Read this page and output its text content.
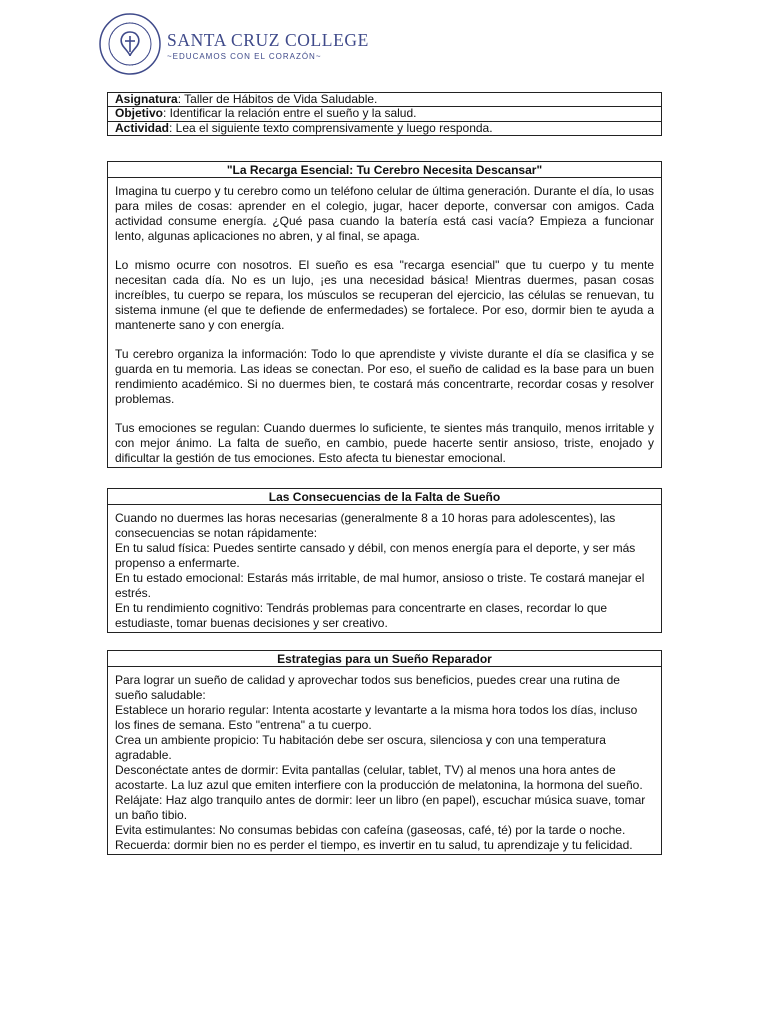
SANTA CRUZ COLLEGE
~EDUCAMOS CON EL CORAZÓN~
Asignatura: Taller de Hábitos de Vida Saludable.
Objetivo: Identificar la relación entre el sueño y la salud.
Actividad: Lea el siguiente texto comprensivamente y luego responda.
"La Recarga Esencial: Tu Cerebro Necesita Descansar"

Imagina tu cuerpo y tu cerebro como un teléfono celular de última generación. Durante el día, lo usas para miles de cosas: aprender en el colegio, jugar, hacer deporte, conversar con amigos. Cada actividad consume energía. ¿Qué pasa cuando la batería está casi vacía? Empieza a funcionar lento, algunas aplicaciones no abren, y al final, se apaga.

Lo mismo ocurre con nosotros. El sueño es esa "recarga esencial" que tu cuerpo y tu mente necesitan cada día. No es un lujo, ¡es una necesidad básica! Mientras duermes, pasan cosas increíbles, tu cuerpo se repara, los músculos se recuperan del ejercicio, las células se renuevan, tu sistema inmune (el que te defiende de enfermedades) se fortalece. Por eso, dormir bien te ayuda a mantenerte sano y con energía.

Tu cerebro organiza la información: Todo lo que aprendiste y viviste durante el día se clasifica y se guarda en tu memoria. Las ideas se conectan. Por eso, el sueño de calidad es la base para un buen rendimiento académico. Si no duermes bien, te costará más concentrarte, recordar cosas y resolver problemas.

Tus emociones se regulan: Cuando duermes lo suficiente, te sientes más tranquilo, menos irritable y con mejor ánimo. La falta de sueño, en cambio, puede hacerte sentir ansioso, triste, enojado y dificultar la gestión de tus emociones. Esto afecta tu bienestar emocional.

Las Consecuencias de la Falta de Sueño

Cuando no duermes las horas necesarias (generalmente 8 a 10 horas para adolescentes), las consecuencias se notan rápidamente:

En tu salud física: Puedes sentirte cansado y débil, con menos energía para el deporte, y ser más propenso a enfermarte.

En tu estado emocional: Estarás más irritable, de mal humor, ansioso o triste. Te costará manejar el estrés.

En tu rendimiento cognitivo: Tendrás problemas para concentrarte en clases, recordar lo que estudiaste, tomar buenas decisiones y ser creativo.

Estrategias para un Sueño Reparador

Para lograr un sueño de calidad y aprovechar todos sus beneficios, puedes crear una rutina de sueño saludable:

Establece un horario regular: Intenta acostarte y levantarte a la misma hora todos los días, incluso los fines de semana. Esto "entrena" a tu cuerpo.

Crea un ambiente propicio: Tu habitación debe ser oscura, silenciosa y con una temperatura agradable.

Desconéctate antes de dormir: Evita pantallas (celular, tablet, TV) al menos una hora antes de acostarte. La luz azul que emiten interfiere con la producción de melatonina, la hormona del sueño.

Relájate: Haz algo tranquilo antes de dormir: leer un libro (en papel), escuchar música suave, tomar un baño tibio.

Evita estimulantes: No consumas bebidas con cafeína (gaseosas, café, té) por la tarde o noche.

Recuerda: dormir bien no es perder el tiempo, es invertir en tu salud, tu aprendizaje y tu felicidad.
